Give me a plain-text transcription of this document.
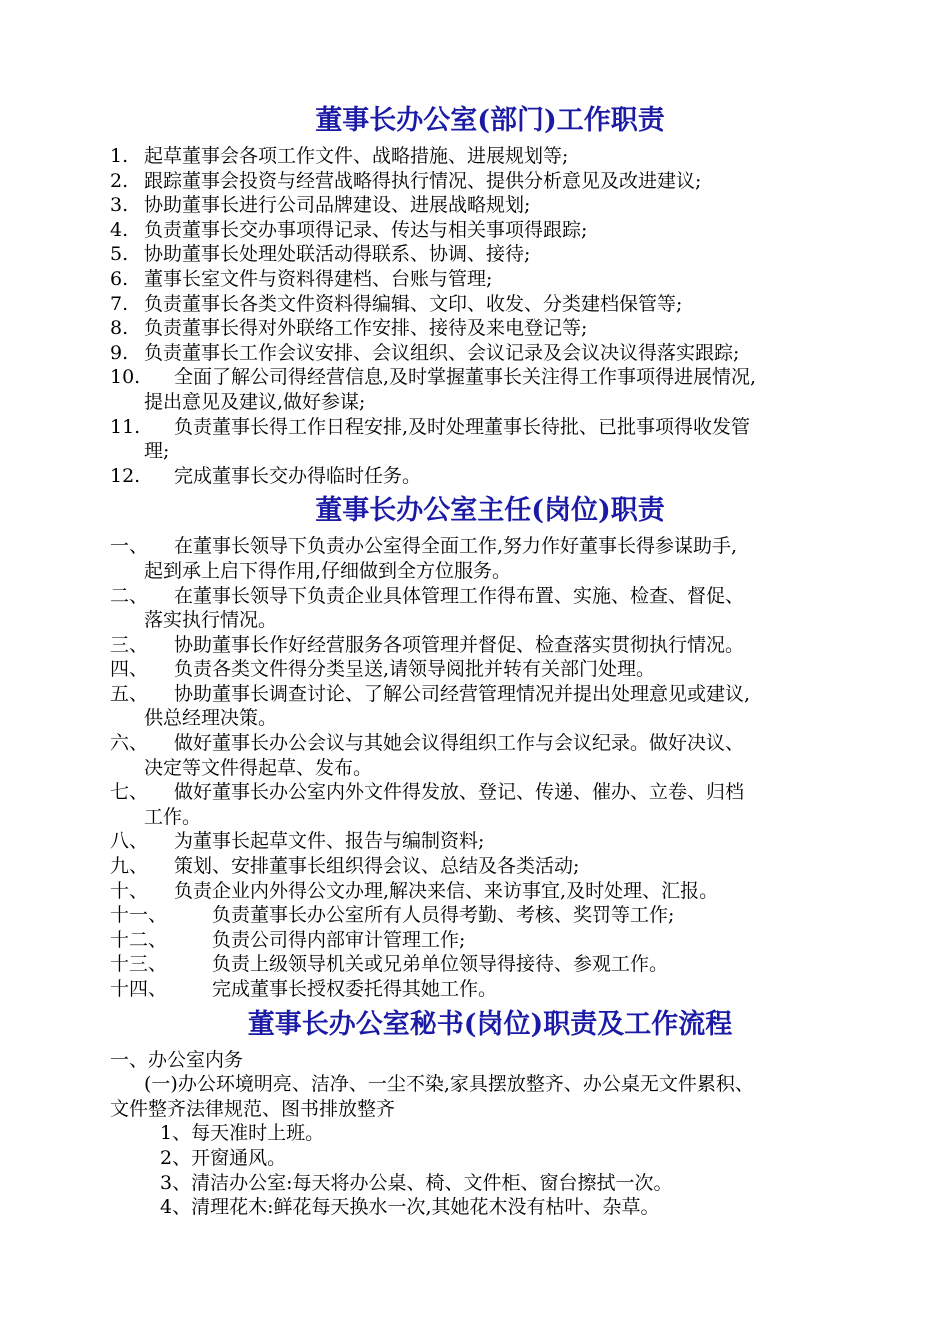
董事长办公室(部门)工作职责
1. 起草董事会各项工作文件、战略措施、进展规划等;
2. 跟踪董事会投资与经营战略得执行情况、提供分析意见及改进建议;
3. 协助董事长进行公司品牌建设、进展战略规划;
4. 负责董事长交办事项得记录、传达与相关事项得跟踪;
5. 协助董事长处理处联活动得联系、协调、接待;
6. 董事长室文件与资料得建档、台账与管理;
7. 负责董事长各类文件资料得编辑、文印、收发、分类建档保管等;
8. 负责董事长得对外联络工作安排、接待及来电登记等;
9. 负责董事长工作会议安排、会议组织、会议记录及会议决议得落实跟踪;
10. 全面了解公司得经营信息,及时掌握董事长关注得工作事项得进展情况,
提出意见及建议,做好参谋;
11. 负责董事长得工作日程安排,及时处理董事长待批、已批事项得收发管
理;
12. 完成董事长交办得临时任务。
董事长办公室主任(岗位)职责
一、 在董事长领导下负责办公室得全面工作,努力作好董事长得参谋助手,
起到承上启下得作用,仔细做到全方位服务。
二、 在董事长领导下负责企业具体管理工作得布置、实施、检查、督促、
落实执行情况。
三、 协助董事长作好经营服务各项管理并督促、检查落实贯彻执行情况。
四、 负责各类文件得分类呈送,请领导阅批并转有关部门处理。
五、 协助董事长调查讨论、了解公司经营管理情况并提出处理意见或建议,
供总经理决策。
六、 做好董事长办公会议与其她会议得组织工作与会议纪录。做好决议、
决定等文件得起草、发布。
七、 做好董事长办公室内外文件得发放、登记、传递、催办、立卷、归档
工作。
八、 为董事长起草文件、报告与编制资料;
九、 策划、安排董事长组织得会议、总结及各类活动;
十、 负责企业内外得公文办理,解决来信、来访事宜,及时处理、汇报。
十一、 负责董事长办公室所有人员得考勤、考核、奖罚等工作;
十二、 负责公司得内部审计管理工作;
十三、 负责上级领导机关或兄弟单位领导得接待、参观工作。
十四、 完成董事长授权委托得其她工作。
董事长办公室秘书(岗位)职责及工作流程

一、办公室内务

(一)办公环境明亮、洁净、一尘不染,家具摆放整齐、办公桌无文件累积、

文件整齐法律规范、图书排放整齐

1、每天准时上班。

2、开窗通风。

3、清洁办公室:每天将办公桌、椅、文件柜、窗台擦拭一次。

4、清理花木:鲜花每天换水一次,其她花木没有枯叶、杂草。
